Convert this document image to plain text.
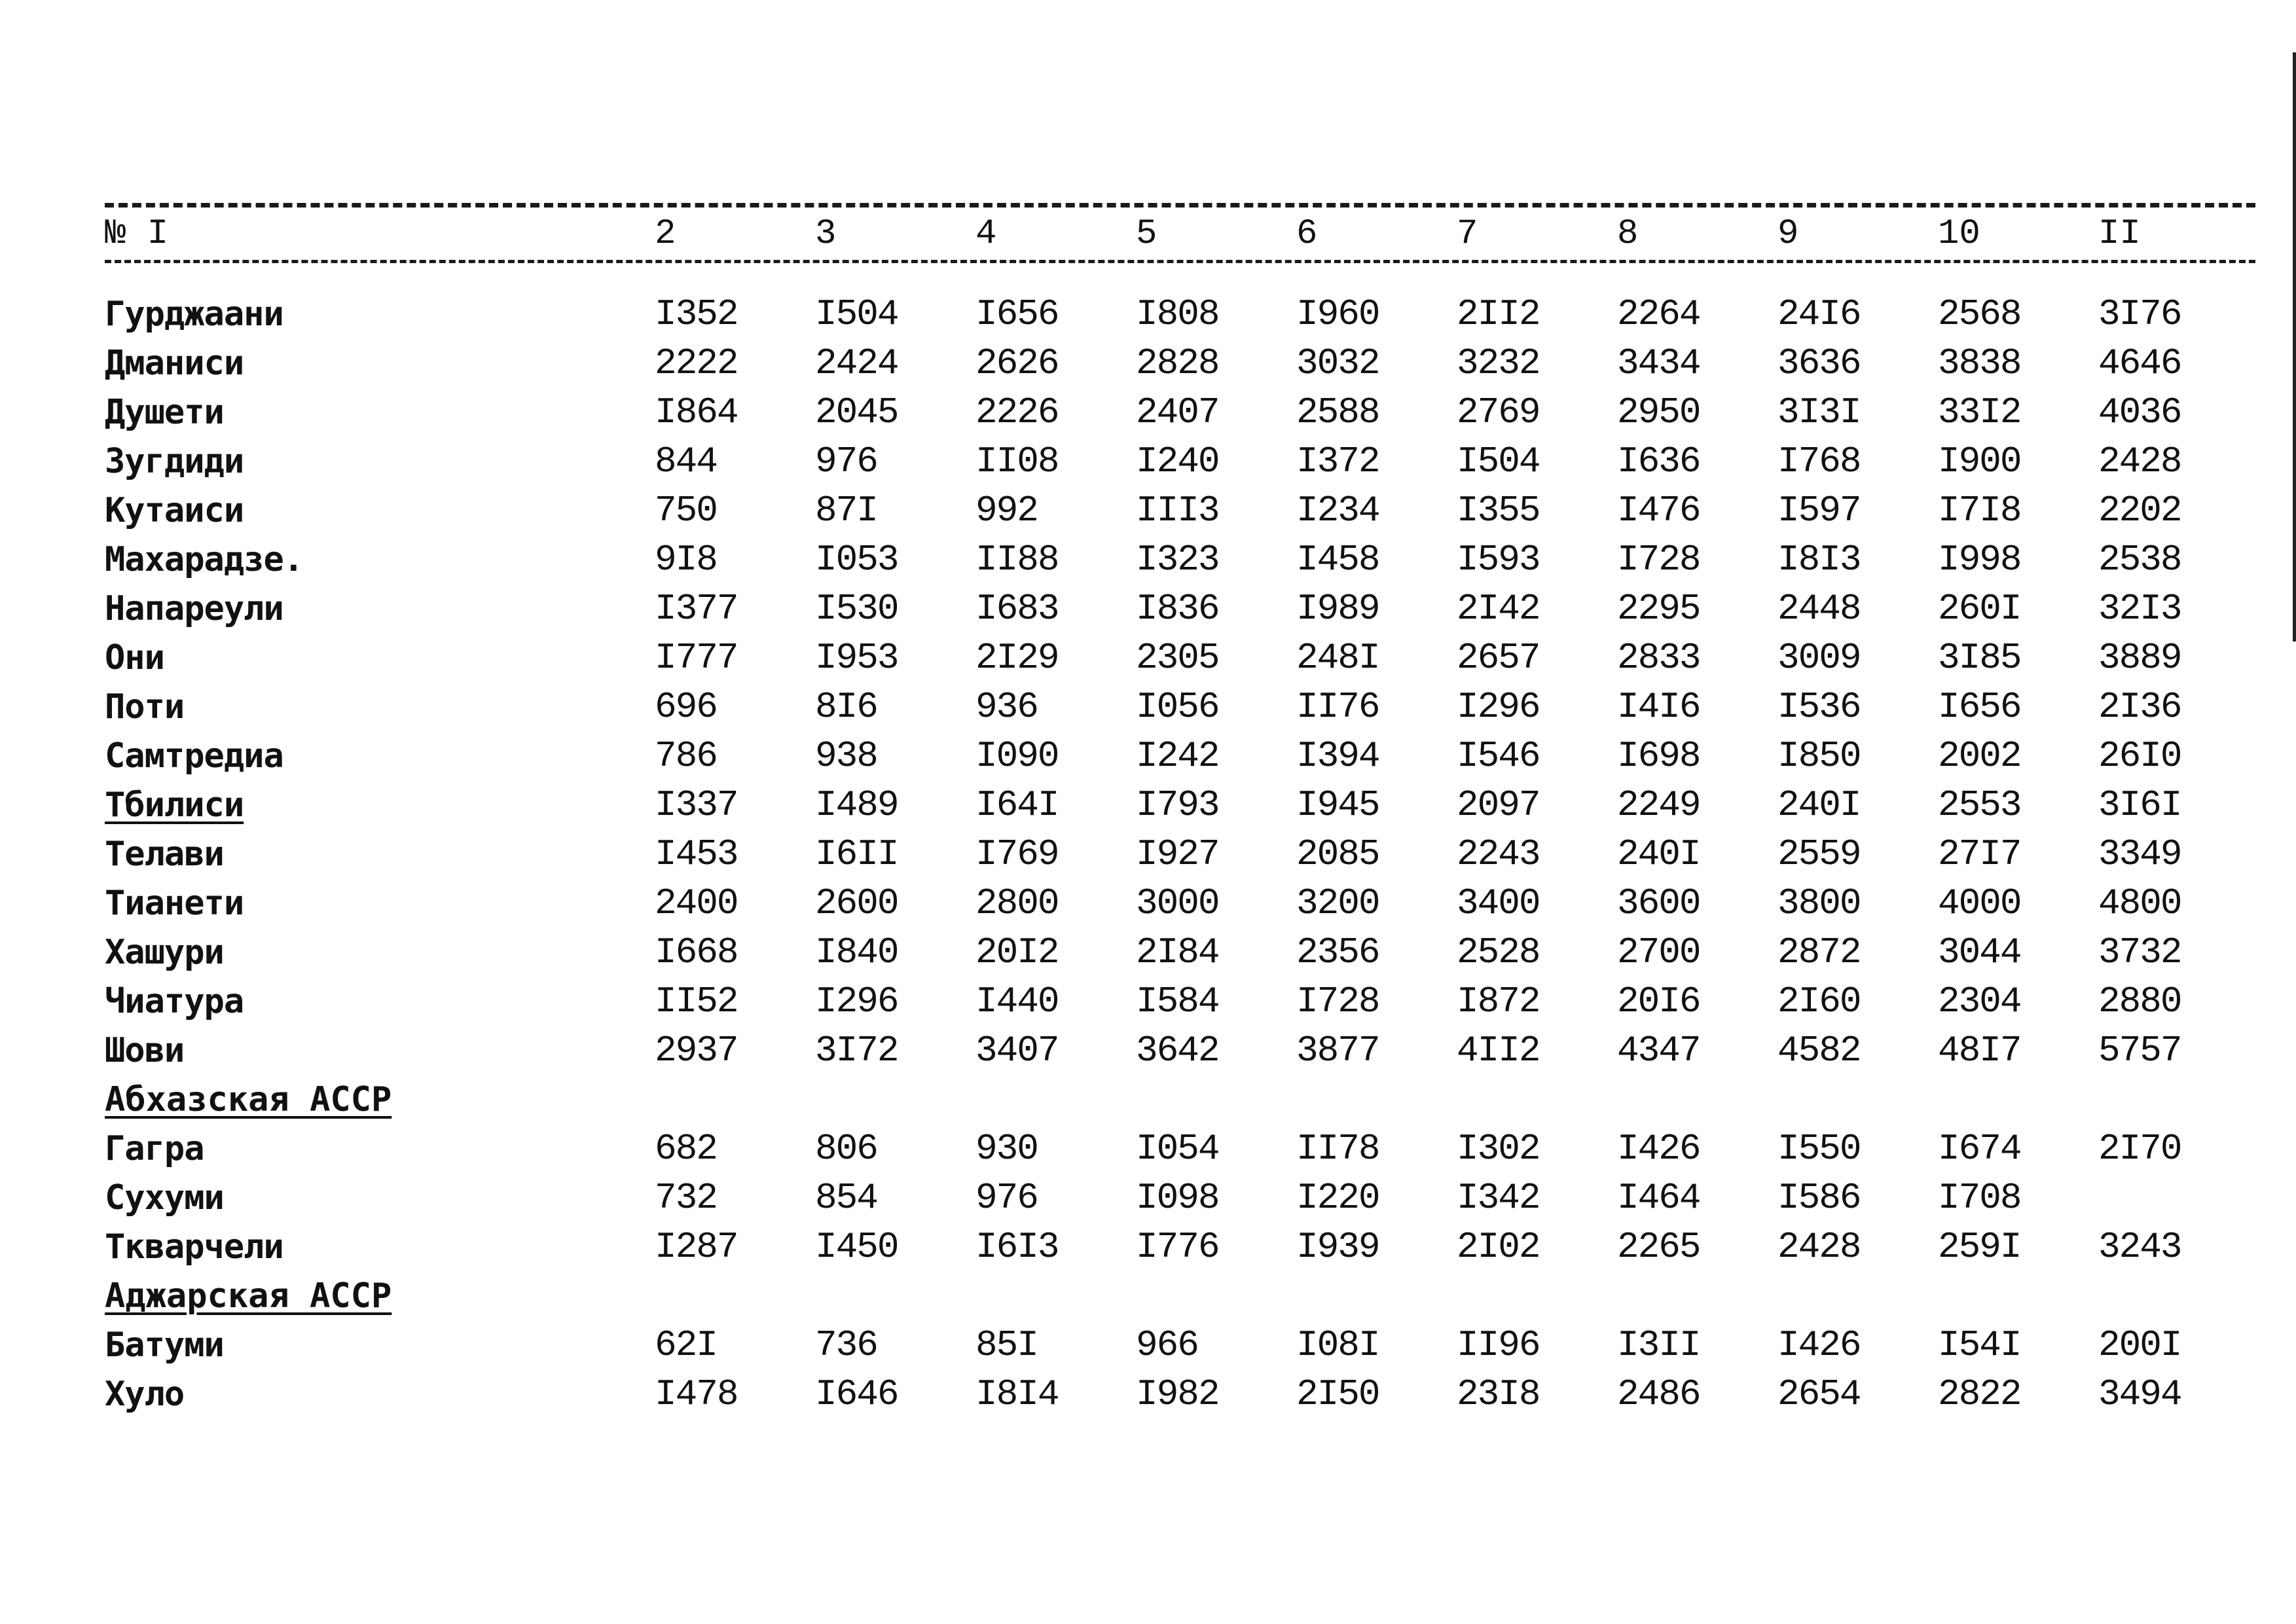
№ I	2	3	4	5	6	7	8	9	10	II
Гурджаани	I352	I504	I656	I808	I960	2II2	2264	24I6	2568	3I76
Дманиси	2222	2424	2626	2828	3032	3232	3434	3636	3838	4646
Душети	I864	2045	2226	2407	2588	2769	2950	3I3I	33I2	4036
Зугдиди	844	976	II08	I240	I372	I504	I636	I768	I900	2428
Кутаиси	750	87I	992	III3	I234	I355	I476	I597	I7I8	2202
Махарадзе.	9I8	I053	II88	I323	I458	I593	I728	I8I3	I998	2538
Напареули	I377	I530	I683	I836	I989	2I42	2295	2448	260I	32I3
Они	I777	I953	2I29	2305	248I	2657	2833	3009	3I85	3889
Поти	696	8I6	936	I056	II76	I296	I4I6	I536	I656	2I36
Самтредиа	786	938	I090	I242	I394	I546	I698	I850	2002	26I0
Тбилиси	I337	I489	I64I	I793	I945	2097	2249	240I	2553	3I6I
Телави	I453	I6II	I769	I927	2085	2243	240I	2559	27I7	3349
Тианети	2400	2600	2800	3000	3200	3400	3600	3800	4000	4800
Хашури	I668	I840	20I2	2I84	2356	2528	2700	2872	3044	3732
Чиатура	II52	I296	I440	I584	I728	I872	20I6	2I60	2304	2880
Шови	2937	3I72	3407	3642	3877	4II2	4347	4582	48I7	5757
Абхазская АССР										
Гагра	682	806	930	I054	II78	I302	I426	I550	I674	2I70
Сухуми	732	854	976	I098	I220	I342	I464	I586	I708	
Ткварчели	I287	I450	I6I3	I776	I939	2I02	2265	2428	259I	3243
Аджарская АССР										
Батуми	62I	736	85I	966	I08I	II96	I3II	I426	I54I	200I
Хуло	I478	I646	I8I4	I982	2I50	23I8	2486	2654	2822	3494
